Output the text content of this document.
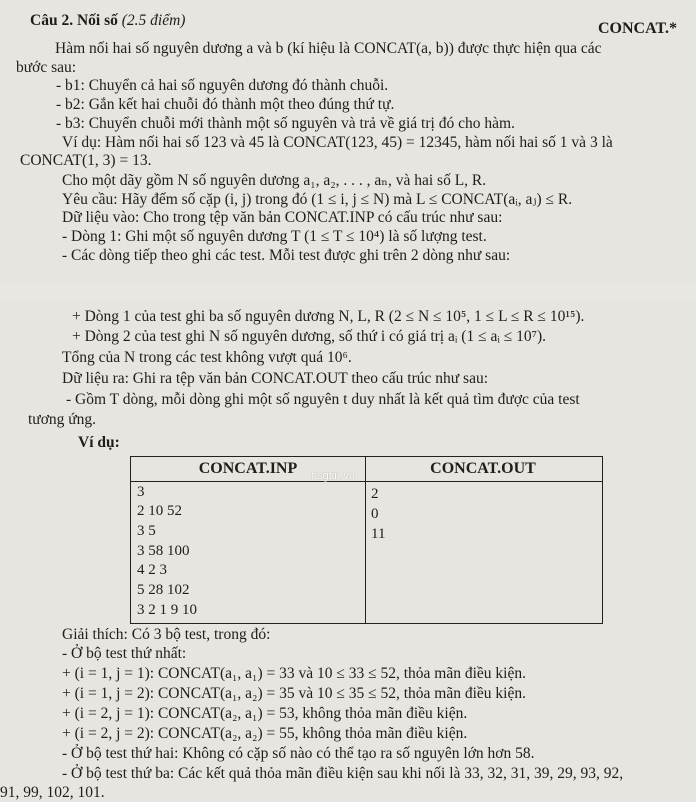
Câu 2. Nối số (2.5 điểm)	CONCAT.*
Hàm nối hai số nguyên dương a và b (kí hiệu là CONCAT(a, b)) được thực hiện qua các
bước sau:
- b1: Chuyển cả hai số nguyên dương đó thành chuỗi.
- b2: Gắn kết hai chuỗi đó thành một theo đúng thứ tự.
- b3: Chuyển chuỗi mới thành một số nguyên và trả về giá trị đó cho hàm.
Ví dụ: Hàm nối hai số 123 và 45 là CONCAT(123, 45) = 12345, hàm nối hai số 1 và 3 là
CONCAT(1, 3) = 13.
Cho một dãy gồm N số nguyên dương a₁, a₂, . . . , aₙ, và hai số L, R.
Yêu cầu: Hãy đếm số cặp (i, j) trong đó (1 ≤ i, j ≤ N) mà L ≤ CONCAT(aᵢ, aⱼ) ≤ R.
Dữ liệu vào: Cho trong tệp văn bản CONCAT.INP có cấu trúc như sau:
- Dòng 1: Ghi một số nguyên dương T (1 ≤ T ≤ 10⁴) là số lượng test.
- Các dòng tiếp theo ghi các test. Mỗi test được ghi trên 2 dòng như sau:
+ Dòng 1 của test ghi ba số nguyên dương N, L, R (2 ≤ N ≤ 10⁵, 1 ≤ L ≤ R ≤ 10¹⁵).
+ Dòng 2 của test ghi N số nguyên dương, số thứ i có giá trị aᵢ (1 ≤ aᵢ ≤ 10⁷).
Tổng của N trong các test không vượt quá 10⁶.
Dữ liệu ra: Ghi ra tệp văn bản CONCAT.OUT theo cấu trúc như sau:
- Gồm T dòng, mỗi dòng ghi một số nguyên t duy nhất là kết quả tìm được của test
tương ứng.
Ví dụ:
CONCAT.INP	CONCAT.OUT
3
2 10 52
3 5
3 58 100
4 2 3
5 28 102
3 2 1 9 10
2
0
11
hsgtin.vn
Giải thích: Có 3 bộ test, trong đó:
- Ở bộ test thứ nhất:
+ (i = 1, j = 1): CONCAT(a₁, a₁) = 33 và 10 ≤ 33 ≤ 52, thỏa mãn điều kiện.
+ (i = 1, j = 2): CONCAT(a₁, a₂) = 35 và 10 ≤ 35 ≤ 52, thỏa mãn điều kiện.
+ (i = 2, j = 1): CONCAT(a₂, a₁) = 53, không thỏa mãn điều kiện.
+ (i = 2, j = 2): CONCAT(a₂, a₂) = 55, không thỏa mãn điều kiện.
- Ở bộ test thứ hai: Không có cặp số nào có thể tạo ra số nguyên lớn hơn 58.
- Ở bộ test thứ ba: Các kết quả thỏa mãn điều kiện sau khi nối là 33, 32, 31, 39, 29, 93, 92,
91, 99, 102, 101.
